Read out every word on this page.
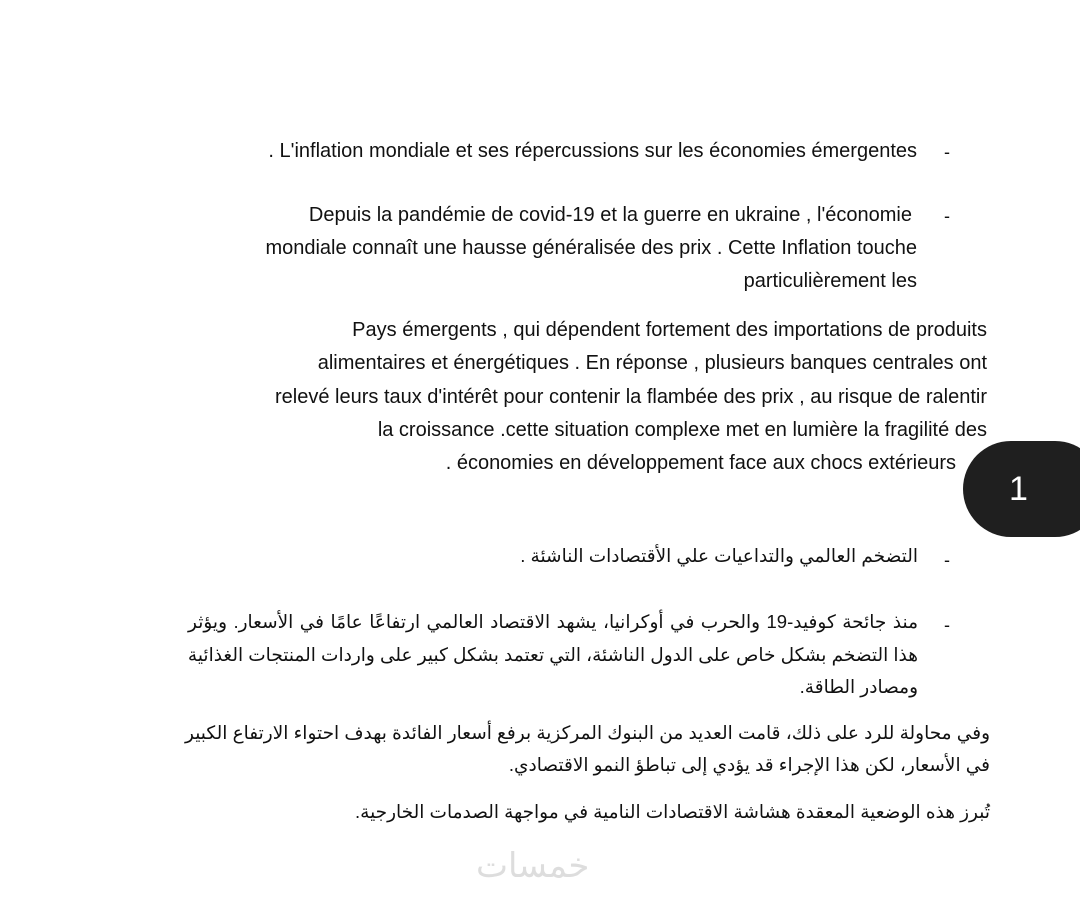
-
. L'inflation mondiale et ses répercussions sur les économies émergentes
-
Depuis la pandémie de covid-19 et la guerre en ukraine , l'économie
mondiale connaît une hausse généralisée des prix . Cette Inflation touche
particulièrement les
Pays émergents , qui dépendent fortement des importations de produits
alimentaires et énergétiques . En réponse , plusieurs banques centrales ont
relevé leurs taux d'intérêt pour contenir la flambée des prix , au risque de ralentir
la croissance .cette situation complexe met en lumière la fragilité des
. économies en développement face aux chocs extérieurs
1
-
التضخم العالمي والتداعيات علي الأقتصادات الناشئة .
-
منذ جائحة كوفيد-19 والحرب في أوكرانيا، يشهد الاقتصاد العالمي ارتفاعًا عامًا في الأسعار. ويؤثر
هذا التضخم بشكل خاص على الدول الناشئة، التي تعتمد بشكل كبير على واردات المنتجات الغذائية
ومصادر الطاقة.
وفي محاولة للرد على ذلك، قامت العديد من البنوك المركزية برفع أسعار الفائدة بهدف احتواء الارتفاع الكبير
في الأسعار، لكن هذا الإجراء قد يؤدي إلى تباطؤ النمو الاقتصادي.
تُبرز هذه الوضعية المعقدة هشاشة الاقتصادات النامية في مواجهة الصدمات الخارجية.
خمسات
